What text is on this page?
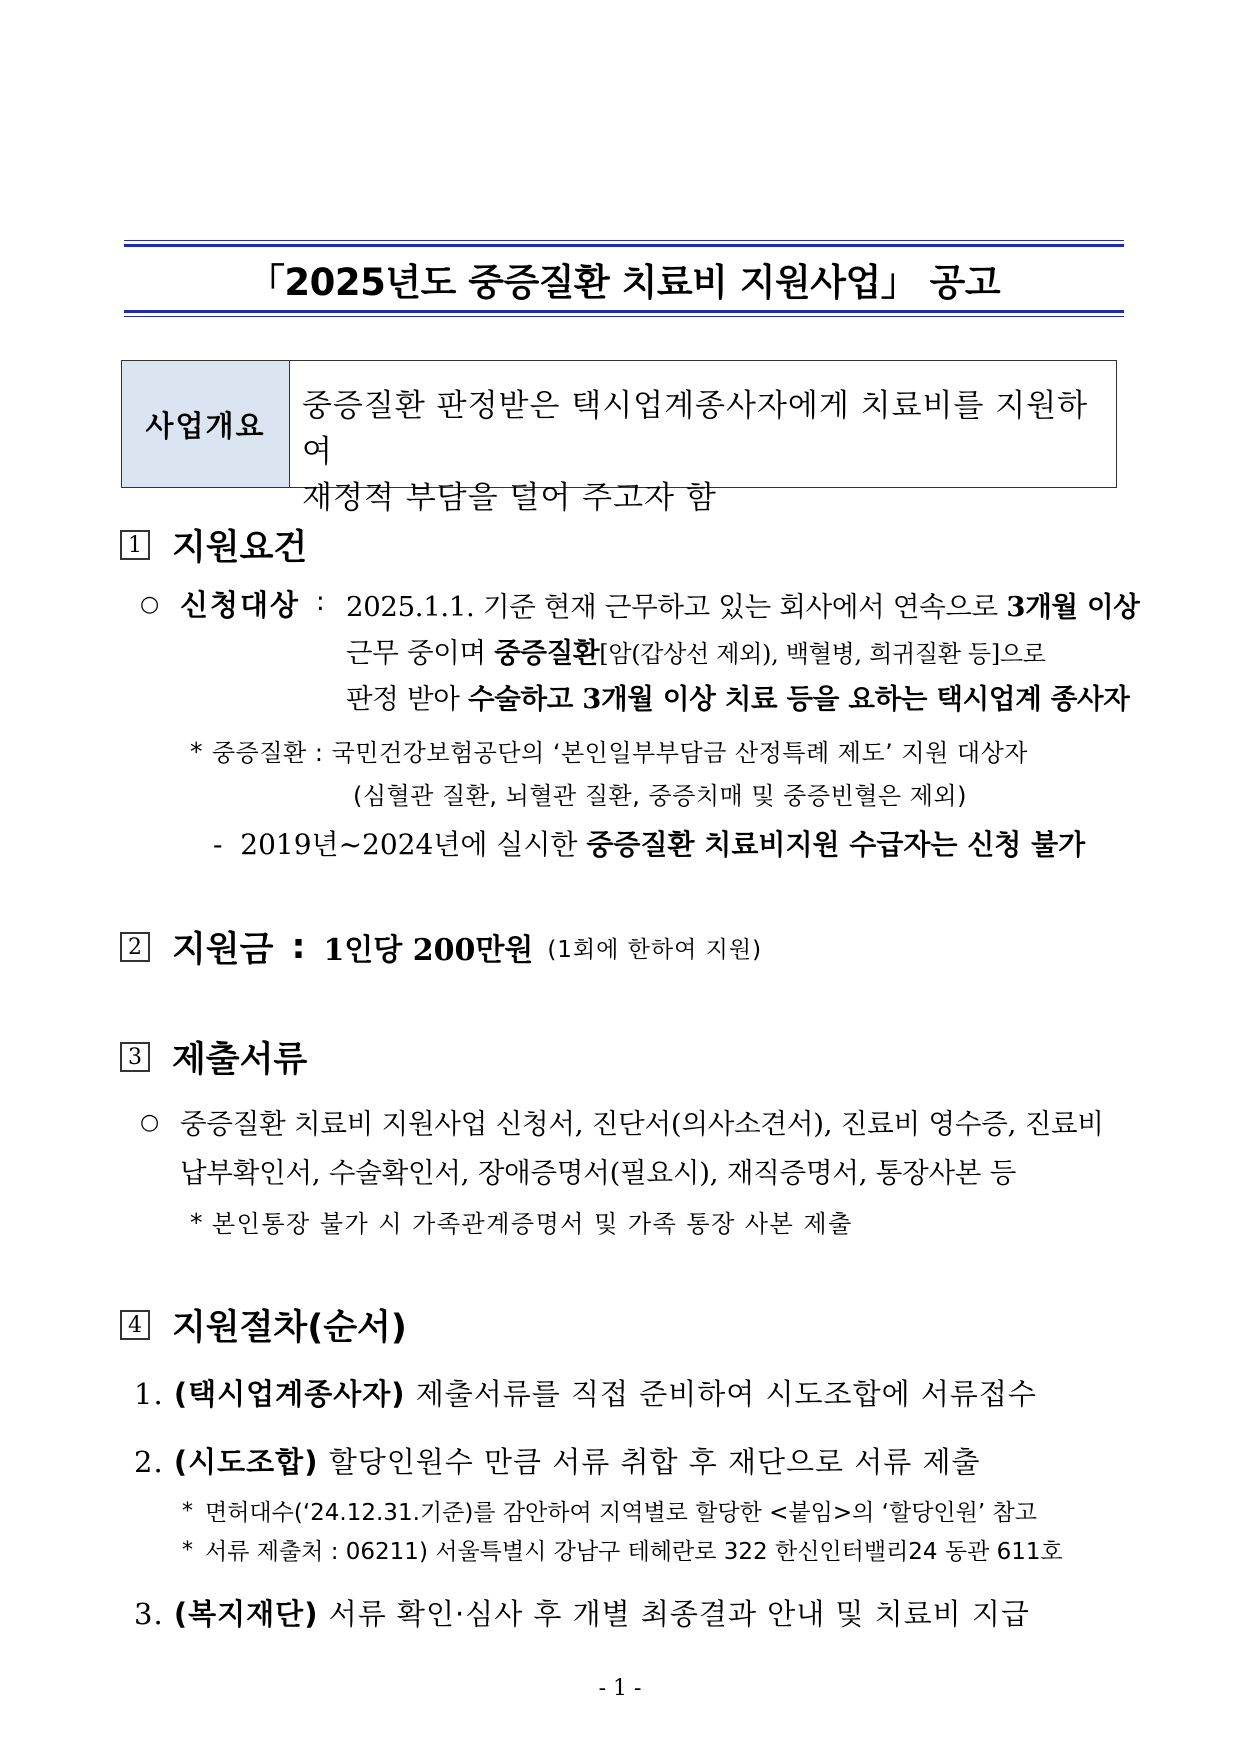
「2025년도 중증질환 치료비 지원사업」 공고
사업개요
중증질환 판정받은 택시업계종사자에게 치료비를 지원하여
재정적 부담을 덜어 주고자 함
1 지원요건
○ 신청대상 : 2025.1.1. 기준 현재 근무하고 있는 회사에서 연속으로 3개월 이상
근무 중이며 중증질환[암(갑상선 제외), 백혈병, 희귀질환 등]으로
판정 받아 수술하고 3개월 이상 치료 등을 요하는 택시업계 종사자
* 중증질환 : 국민건강보험공단의 ‘본인일부부담금 산정특례 제도’ 지원 대상자
(심혈관 질환, 뇌혈관 질환, 중증치매 및 중증빈혈은 제외)
- 2019년~2024년에 실시한 중증질환 치료비지원 수급자는 신청 불가
2 지원금 : 1인당 200만원 (1회에 한하여 지원)
3 제출서류
○ 중증질환 치료비 지원사업 신청서, 진단서(의사소견서), 진료비 영수증, 진료비
납부확인서, 수술확인서, 장애증명서(필요시), 재직증명서, 통장사본 등
* 본인통장 불가 시 가족관계증명서 및 가족 통장 사본 제출
4 지원절차(순서)
1. (택시업계종사자) 제출서류를 직접 준비하여 시도조합에 서류접수
2. (시도조합) 할당인원수 만큼 서류 취합 후 재단으로 서류 제출
* 면허대수(‘24.12.31.기준)를 감안하여 지역별로 할당한 <붙임>의 ‘할당인원’ 참고
* 서류 제출처 : 06211) 서울특별시 강남구 테헤란로 322 한신인터밸리24 동관 611호
3. (복지재단) 서류 확인·심사 후 개별 최종결과 안내 및 치료비 지급
- 1 -
